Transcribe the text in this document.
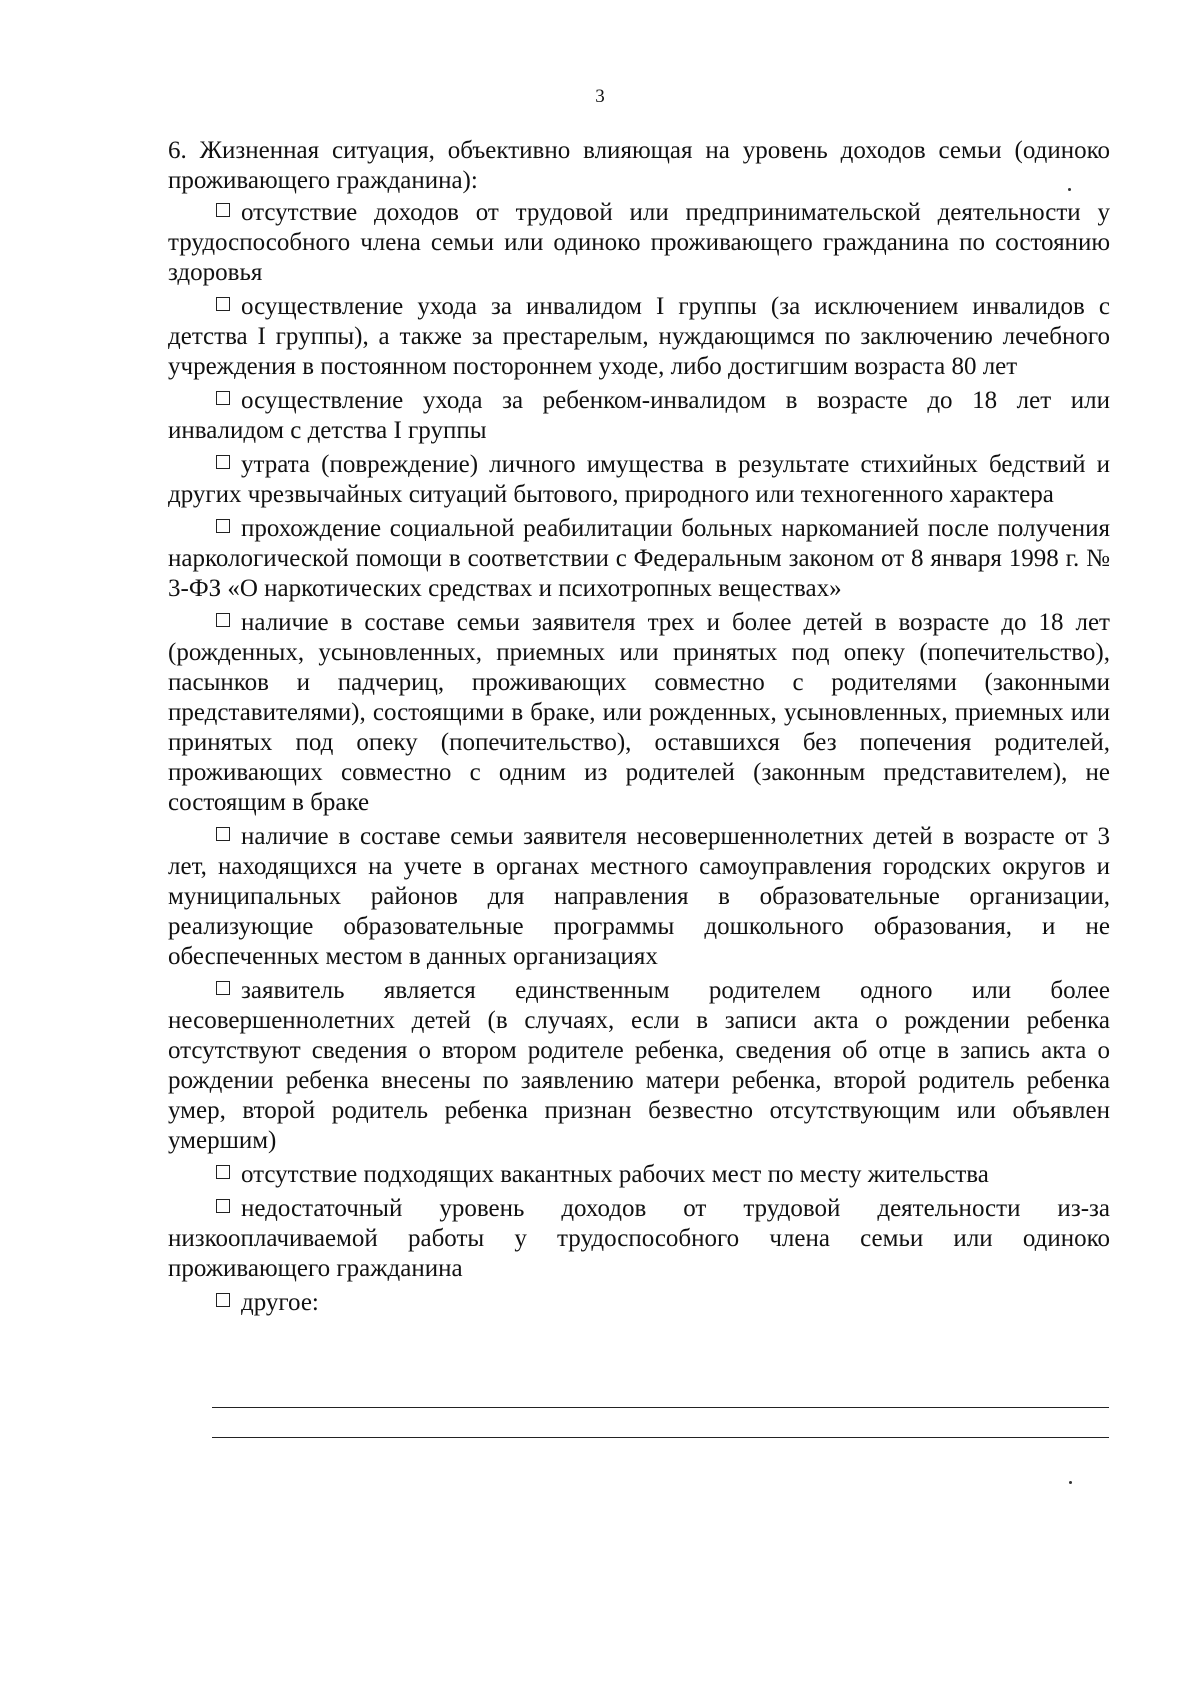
3

6. Жизненная ситуация, объективно влияющая на уровень доходов семьи (одиноко проживающего гражданина):

отсутствие доходов от трудовой или предпринимательской деятельности у трудоспособного члена семьи или одиноко проживающего гражданина по состоянию здоровья

осуществление ухода за инвалидом I группы (за исключением инвалидов с детства I группы), а также за престарелым, нуждающимся по заключению лечебного учреждения в постоянном постороннем уходе, либо достигшим возраста 80 лет

осуществление ухода за ребенком-инвалидом в возрасте до 18 лет или инвалидом с детства I группы

утрата (повреждение) личного имущества в результате стихийных бедствий и других чрезвычайных ситуаций бытового, природного или техногенного характера

прохождение социальной реабилитации больных наркоманией после получения наркологической помощи в соответствии с Федеральным законом от 8 января 1998 г. № 3-ФЗ «О наркотических средствах и психотропных веществах»

наличие в составе семьи заявителя трех и более детей в возрасте до 18 лет (рожденных, усыновленных, приемных или принятых под опеку (попечительство), пасынков и падчериц, проживающих совместно с родителями (законными представителями), состоящими в браке, или рожденных, усыновленных, приемных или принятых под опеку (попечительство), оставшихся без попечения родителей, проживающих совместно с одним из родителей (законным представителем), не состоящим в браке

наличие в составе семьи заявителя несовершеннолетних детей в возрасте от 3 лет, находящихся на учете в органах местного самоуправления городских округов и муниципальных районов для направления в образовательные организации, реализующие образовательные программы дошкольного образования, и не обеспеченных местом в данных организациях

заявитель является единственным родителем одного или более несовершеннолетних детей (в случаях, если в записи акта о рождении ребенка отсутствуют сведения о втором родителе ребенка, сведения об отце в запись акта о рождении ребенка внесены по заявлению матери ребенка, второй родитель ребенка умер, второй родитель ребенка признан безвестно отсутствующим или объявлен умершим)

отсутствие подходящих вакантных рабочих мест по месту жительства

недостаточный уровень доходов от трудовой деятельности из-за низкооплачиваемой работы у трудоспособного члена семьи или одиноко проживающего гражданина

другое:
